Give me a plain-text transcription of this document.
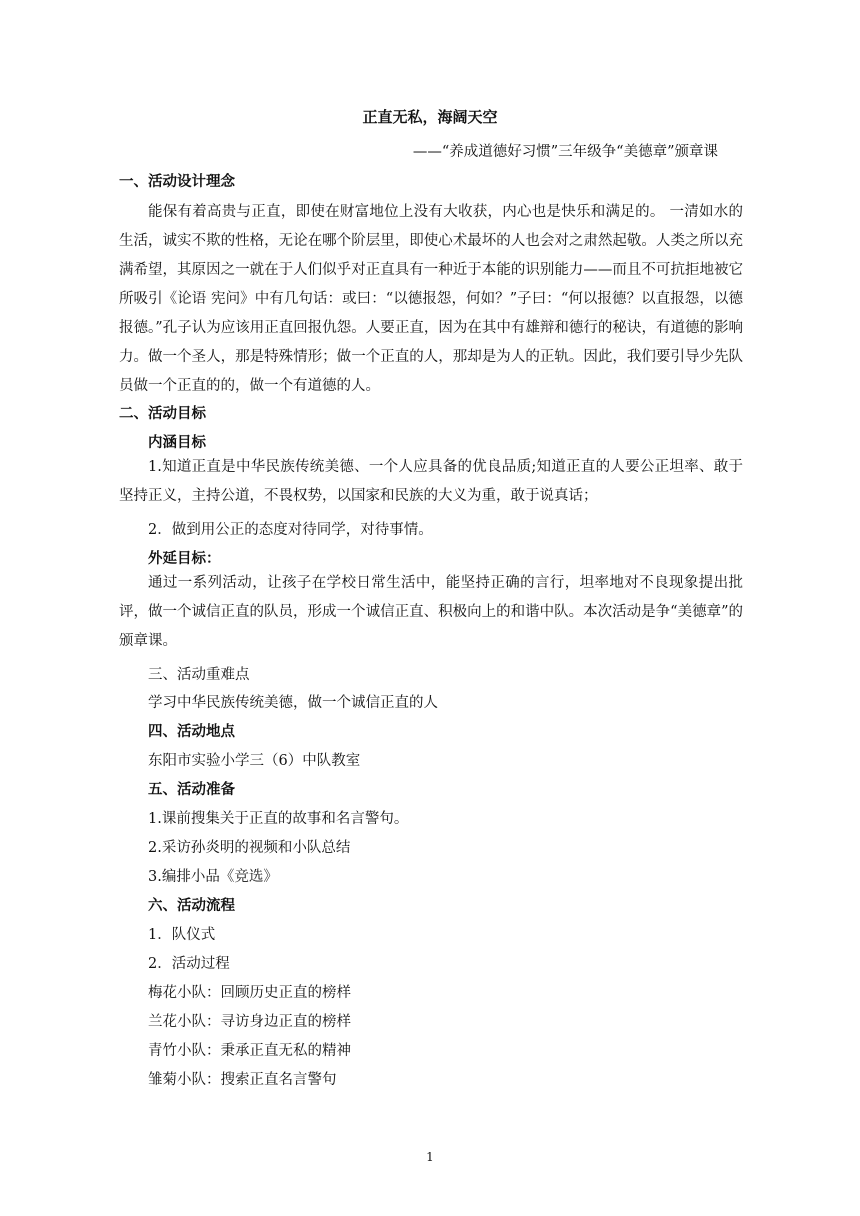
正直无私，海阔天空
——“养成道德好习惯”三年级争“美德章”颁章课
一、活动设计理念

能保有着高贵与正直，即使在财富地位上没有大收获，内心也是快乐和满足的。 一清如水的生活，诚实不欺的性格，无论在哪个阶层里，即使心术最坏的人也会对之肃然起敬。人类之所以充满希望，其原因之一就在于人们似乎对正直具有一种近于本能的识别能力——而且不可抗拒地被它所吸引《论语 宪问》中有几句话：或曰：“以德报怨，何如？”子曰：“何以报德？以直报怨，以德报德。”孔子认为应该用正直回报仇怨。人要正直，因为在其中有雄辩和德行的秘诀，有道德的影响力。做一个圣人，那是特殊情形；做一个正直的人，那却是为人的正轨。因此，我们要引导少先队员做一个正直的的，做一个有道德的人。

二、活动目标
内涵目标

1.知道正直是中华民族传统美德、一个人应具备的优良品质;知道正直的人要公正坦率、敢于坚持正义，主持公道，不畏权势，以国家和民族的大义为重，敢于说真话；

2．做到用公正的态度对待同学，对待事情。
外延目标：

通过一系列活动，让孩子在学校日常生活中，能坚持正确的言行，坦率地对不良现象提出批评，做一个诚信正直的队员，形成一个诚信正直、积极向上的和谐中队。本次活动是争“美德章”的颁章课。

三、活动重难点
学习中华民族传统美德，做一个诚信正直的人
四、活动地点
东阳市实验小学三（6）中队教室
五、活动准备
1.课前搜集关于正直的故事和名言警句。
2.采访孙炎明的视频和小队总结
3.编排小品《竞选》
六、活动流程
1．队仪式
2．活动过程
梅花小队：回顾历史正直的榜样
兰花小队：寻访身边正直的榜样
青竹小队：秉承正直无私的精神
雏菊小队：搜索正直名言警句
1
